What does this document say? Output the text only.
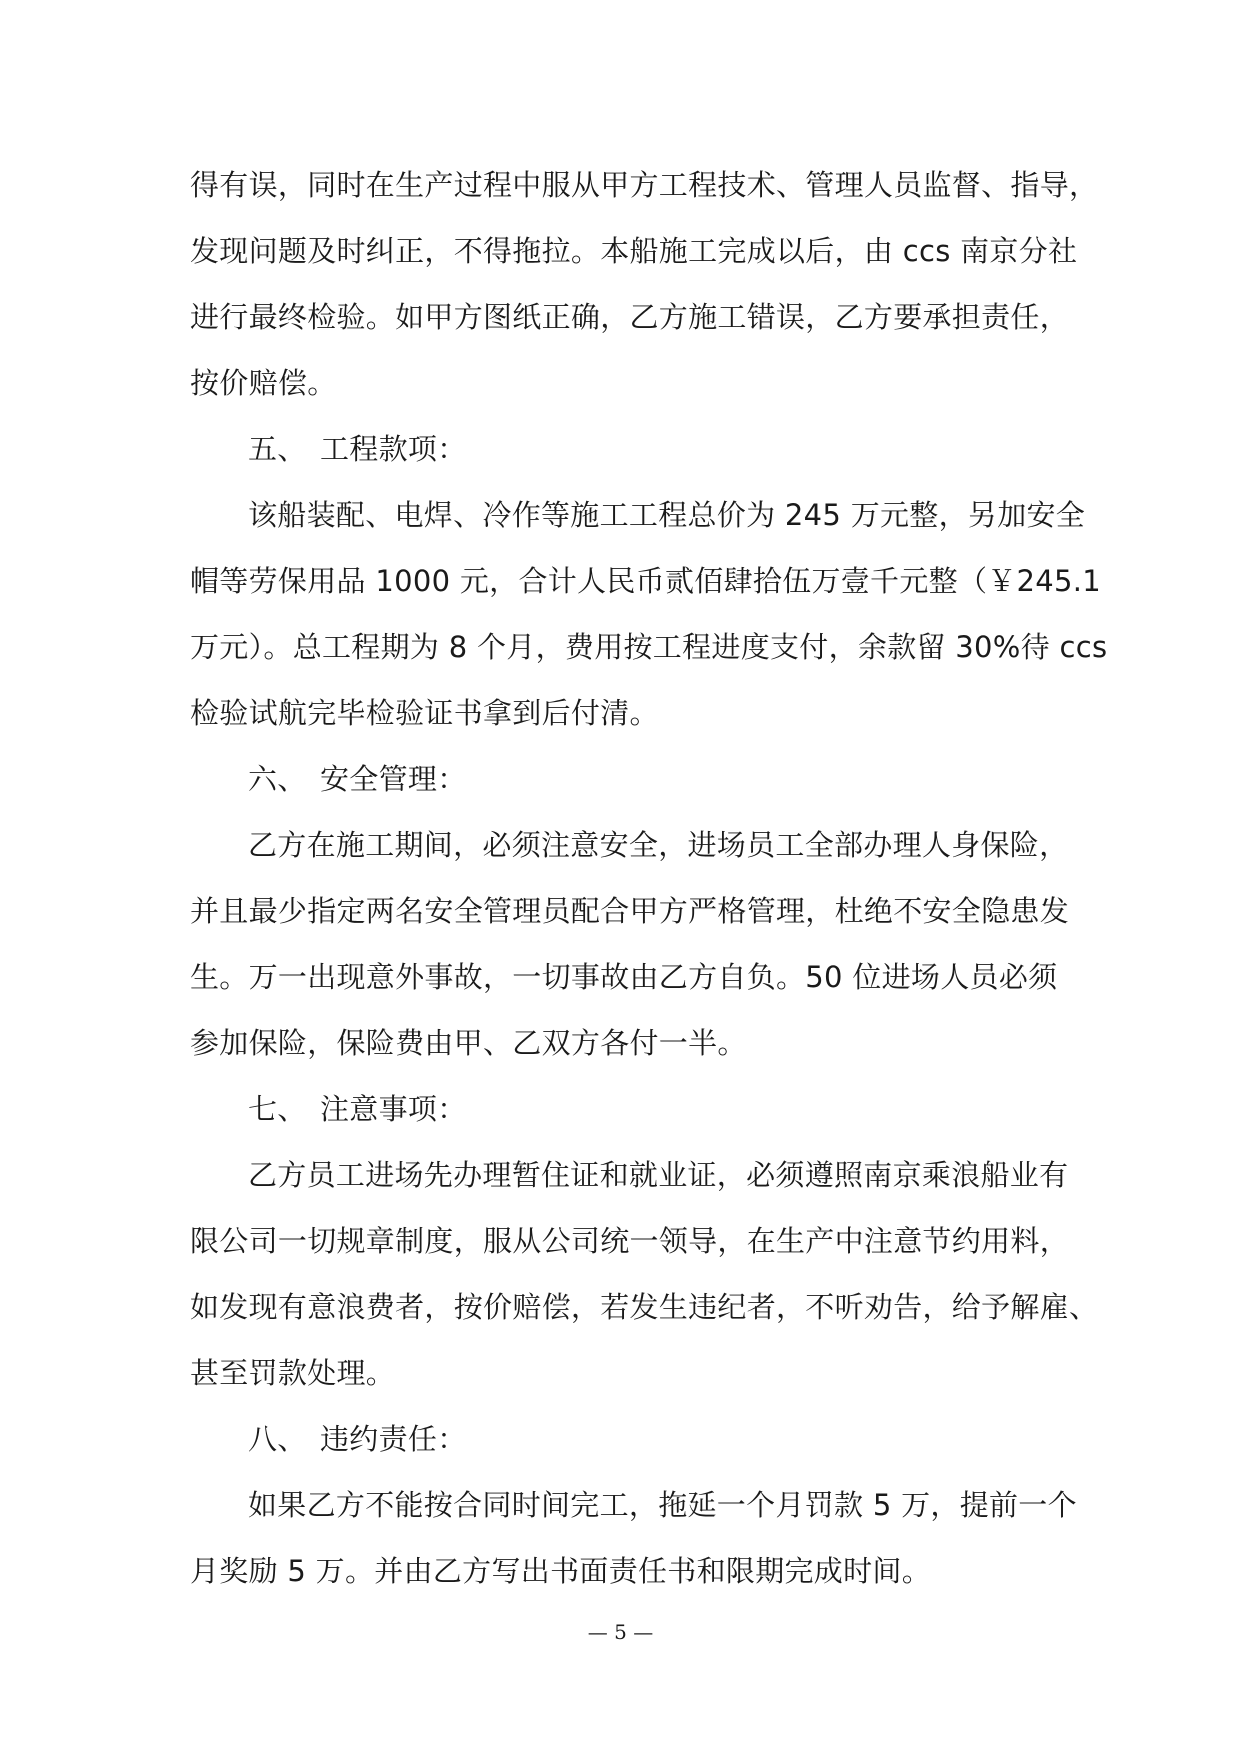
得有误，同时在生产过程中服从甲方工程技术、管理人员监督、指导，
发现问题及时纠正，不得拖拉。本船施工完成以后，由 ccs 南京分社
进行最终检验。如甲方图纸正确，乙方施工错误，乙方要承担责任，
按价赔偿。
五、 工程款项：
该船装配、电焊、冷作等施工工程总价为 245 万元整，另加安全
帽等劳保用品 1000 元，合计人民币贰佰肆拾伍万壹千元整（￥245.1
万元）。总工程期为 8 个月，费用按工程进度支付，余款留 30%待 ccs
检验试航完毕检验证书拿到后付清。
六、 安全管理：
乙方在施工期间，必须注意安全，进场员工全部办理人身保险，
并且最少指定两名安全管理员配合甲方严格管理，杜绝不安全隐患发
生。万一出现意外事故，一切事故由乙方自负。50 位进场人员必须
参加保险，保险费由甲、乙双方各付一半。
七、 注意事项：
乙方员工进场先办理暂住证和就业证，必须遵照南京乘浪船业有
限公司一切规章制度，服从公司统一领导，在生产中注意节约用料，
如发现有意浪费者，按价赔偿，若发生违纪者，不听劝告，给予解雇、
甚至罚款处理。
八、 违约责任：
如果乙方不能按合同时间完工，拖延一个月罚款 5 万，提前一个
月奖励 5 万。并由乙方写出书面责任书和限期完成时间。
— 5 —
